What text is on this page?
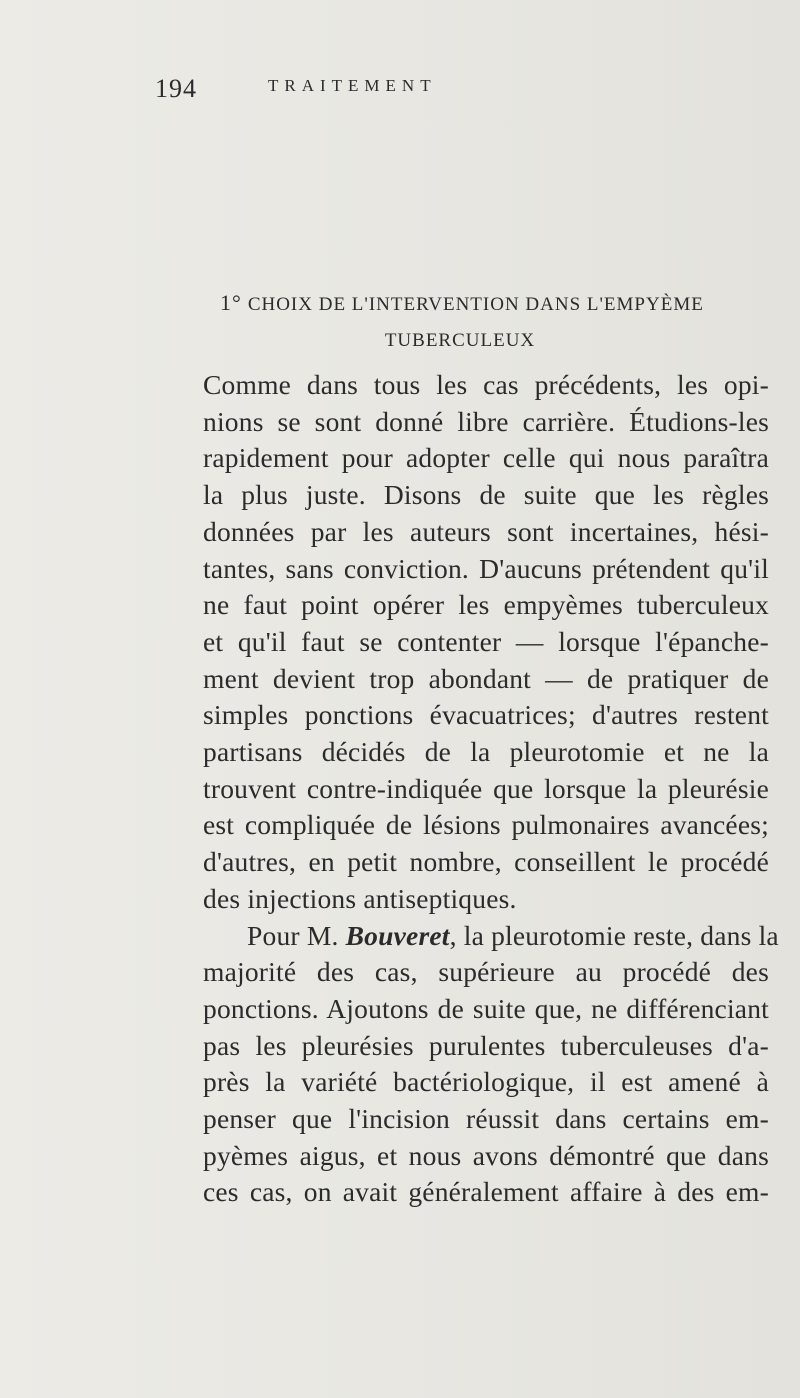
194	TRAITEMENT
1° CHOIX DE L'INTERVENTION DANS L'EMPYÈME
TUBERCULEUX
Comme dans tous les cas précédents, les opi-
nions se sont donné libre carrière. Étudions-les
rapidement pour adopter celle qui nous paraîtra
la plus juste. Disons de suite que les règles
données par les auteurs sont incertaines, hési-
tantes, sans conviction. D'aucuns prétendent qu'il
ne faut point opérer les empyèmes tuberculeux
et qu'il faut se contenter — lorsque l'épanche-
ment devient trop abondant — de pratiquer de
simples ponctions évacuatrices; d'autres restent
partisans décidés de la pleurotomie et ne la
trouvent contre-indiquée que lorsque la pleurésie
est compliquée de lésions pulmonaires avancées;
d'autres, en petit nombre, conseillent le procédé
des injections antiseptiques.
Pour M. Bouveret, la pleurotomie reste, dans la
majorité des cas, supérieure au procédé des
ponctions. Ajoutons de suite que, ne différenciant
pas les pleurésies purulentes tuberculeuses d'a-
près la variété bactériologique, il est amené à
penser que l'incision réussit dans certains em-
pyèmes aigus, et nous avons démontré que dans
ces cas, on avait généralement affaire à des em-
